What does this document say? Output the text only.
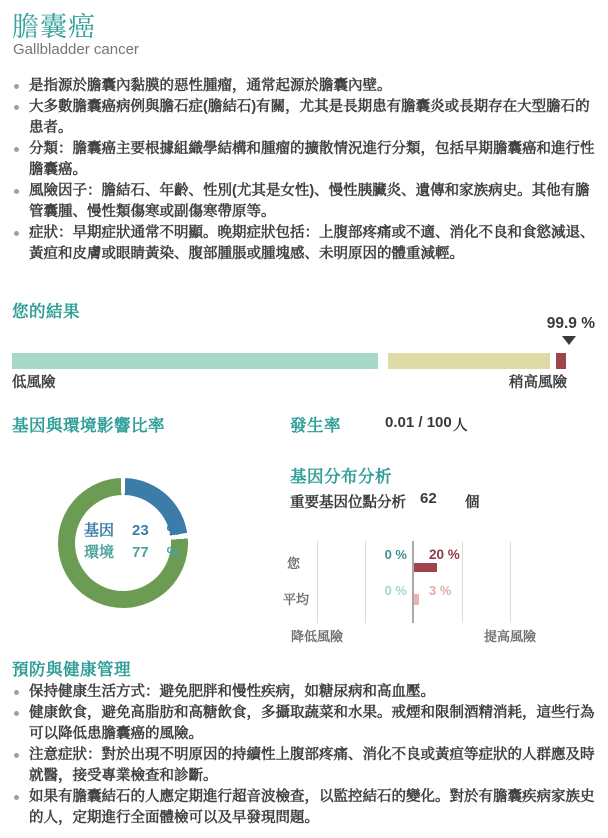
膽囊癌
Gallbladder cancer
是指源於膽囊內黏膜的惡性腫瘤，通常起源於膽囊內壁。
大多數膽囊癌病例與膽石症(膽結石)有關，尤其是長期患有膽囊炎或長期存在大型膽石的患者。
分類：膽囊癌主要根據組織學結構和腫瘤的擴散情況進行分類，包括早期膽囊癌和進行性膽囊癌。
風險因子：膽結石、年齡、性別(尤其是女性)、慢性胰臟炎、遺傳和家族病史。其他有膽管囊腫、慢性類傷寒或副傷寒帶原等。
症狀：早期症狀通常不明顯。晚期症狀包括：上腹部疼痛或不適、消化不良和食慾減退、黃疸和皮膚或眼睛黃染、腹部腫脹或腫塊感、未明原因的體重減輕。
您的結果
99.9 %
低風險	稍高風險
基因與環境影響比率
基因 23 %
環境 77 %
發生率	0.01 / 100 人
基因分布分析
重要基因位點分析 62 個
您
0 % 20 %
平均
0 % 3 %
降低風險	提高風險
預防與健康管理
保持健康生活方式：避免肥胖和慢性疾病，如糖尿病和高血壓。
健康飲食，避免高脂肪和高糖飲食，多攝取蔬菜和水果。戒煙和限制酒精消耗，這些行為可以降低患膽囊癌的風險。
注意症狀：對於出現不明原因的持續性上腹部疼痛、消化不良或黃疸等症狀的人群應及時就醫，接受專業檢查和診斷。
如果有膽囊結石的人應定期進行超音波檢查，以監控結石的變化。對於有膽囊疾病家族史的人，定期進行全面體檢可以及早發現問題。
